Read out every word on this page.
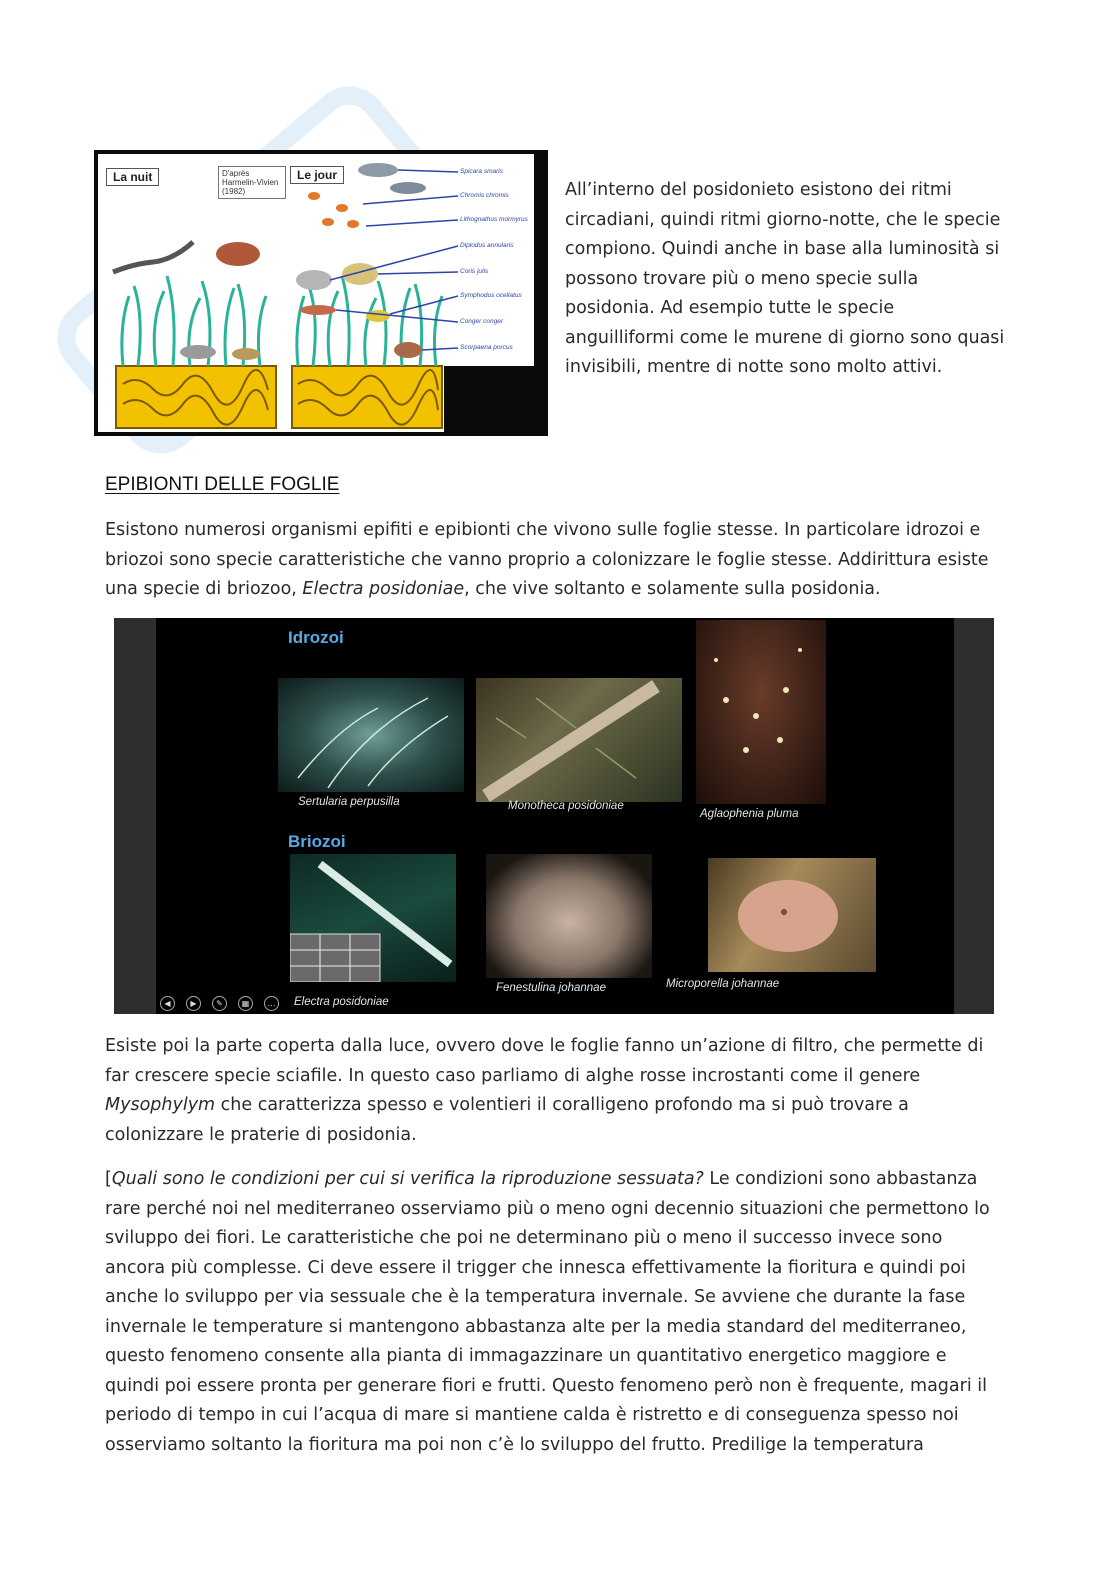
La nuit	Le jour
D'après Harmelin-Vivien (1982)
Spicara smaris
Chromis chromis
Lithognathus mormyrus
Diplodus annularis
Coris julis
Symphodus ocellatus
Conger conger
Scorpaena porcus

All’interno del posidonieto esistono dei ritmi circadiani, quindi ritmi giorno-notte, che le specie compiono. Quindi anche in base alla luminosità si possono trovare più o meno specie sulla posidonia. Ad esempio tutte le specie anguilliformi come le murene di giorno sono quasi invisibili, mentre di notte sono molto attivi.

EPIBIONTI DELLE FOGLIE

Esistono numerosi organismi epifiti e epibionti che vivono sulle foglie stesse. In particolare idrozoi e briozoi sono specie caratteristiche che vanno proprio a colonizzare le foglie stesse. Addirittura esiste una specie di briozoo, Electra posidoniae, che vive soltanto e solamente sulla posidonia.

Idrozoi
Briozoi
Sertularia perpusilla	Monotheca posidoniae
Aglaophenia pluma
Electra posidoniae
Fenestulina johannae	Microporella johannae
◀	▶	✎	▦	…

Esiste poi la parte coperta dalla luce, ovvero dove le foglie fanno un’azione di filtro, che permette di far crescere specie sciafile. In questo caso parliamo di alghe rosse incrostanti come il genere Mysophylym che caratterizza spesso e volentieri il coralligeno profondo ma si può trovare a colonizzare le praterie di posidonia.

[Quali sono le condizioni per cui si verifica la riproduzione sessuata? Le condizioni sono abbastanza rare perché noi nel mediterraneo osserviamo più o meno ogni decennio situazioni che permettono lo sviluppo dei fiori. Le caratteristiche che poi ne determinano più o meno il successo invece sono ancora più complesse. Ci deve essere il trigger che innesca effettivamente la fioritura e quindi poi anche lo sviluppo per via sessuale che è la temperatura invernale. Se avviene che durante la fase invernale le temperature si mantengono abbastanza alte per la media standard del mediterraneo, questo fenomeno consente alla pianta di immagazzinare un quantitativo energetico maggiore e quindi poi essere pronta per generare fiori e frutti. Questo fenomeno però non è frequente, magari il periodo di tempo in cui l’acqua di mare si mantiene calda è ristretto e di conseguenza spesso noi osserviamo soltanto la fioritura ma poi non c’è lo sviluppo del frutto. Predilige la temperatura
